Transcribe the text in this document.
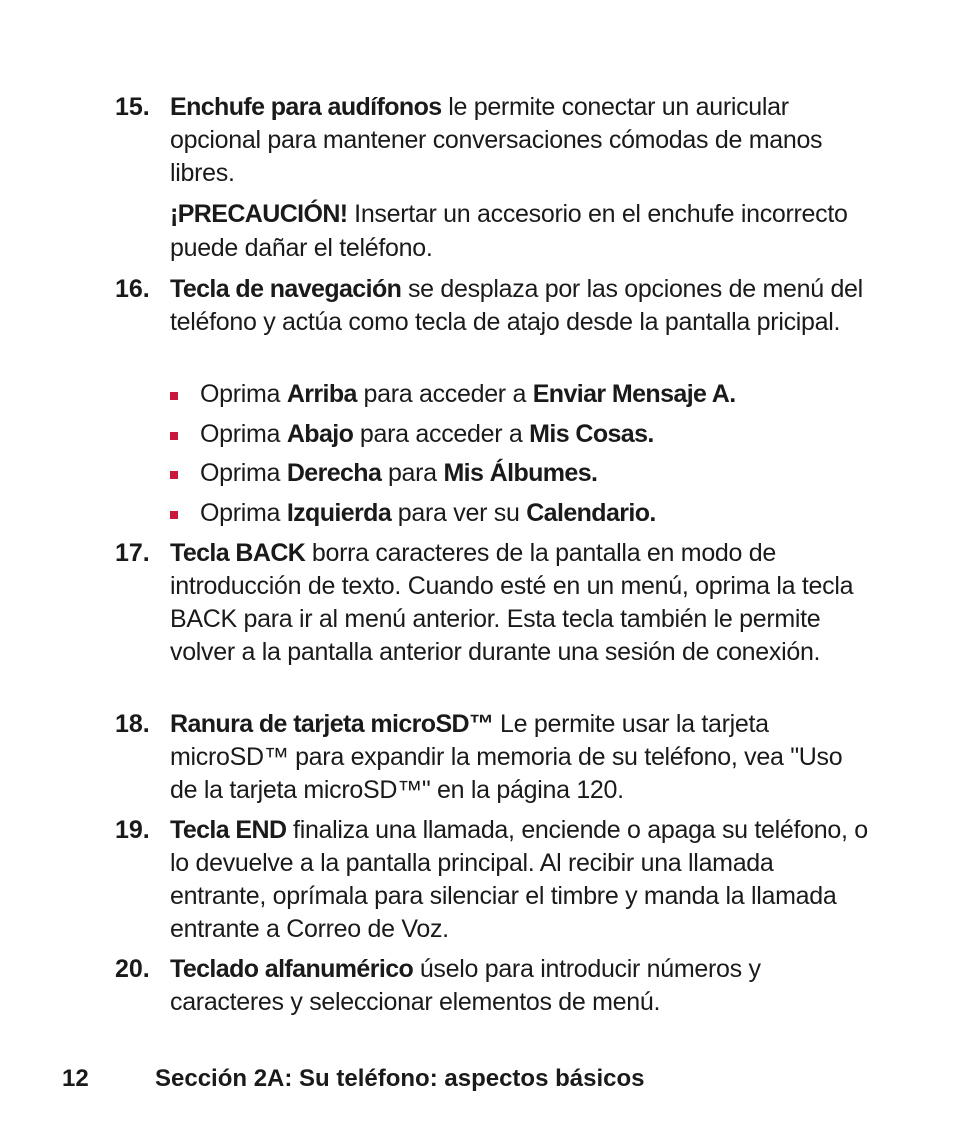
15. Enchufe para audífonos le permite conectar un auricular opcional para mantener conversaciones cómodas de manos libres.
¡PRECAUCIÓN! Insertar un accesorio en el enchufe incorrecto puede dañar el teléfono.
16. Tecla de navegación se desplaza por las opciones de menú del teléfono y actúa como tecla de atajo desde la pantalla pricipal.
Oprima Arriba para acceder a Enviar Mensaje A.
Oprima Abajo para acceder a Mis Cosas.
Oprima Derecha para Mis Álbumes.
Oprima Izquierda para ver su Calendario.
17. Tecla BACK borra caracteres de la pantalla en modo de introducción de texto. Cuando esté en un menú, oprima la tecla BACK para ir al menú anterior. Esta tecla también le permite volver a la pantalla anterior durante una sesión de conexión.
18. Ranura de tarjeta microSD™ Le permite usar la tarjeta microSD™ para expandir la memoria de su teléfono, vea "Uso de la tarjeta microSD™" en la página 120.
19. Tecla END finaliza una llamada, enciende o apaga su teléfono, o lo devuelve a la pantalla principal. Al recibir una llamada entrante, oprímala para silenciar el timbre y manda la llamada entrante a Correo de Voz.
20. Teclado alfanumérico úselo para introducir números y caracteres y seleccionar elementos de menú.
12	Sección 2A: Su teléfono: aspectos básicos
